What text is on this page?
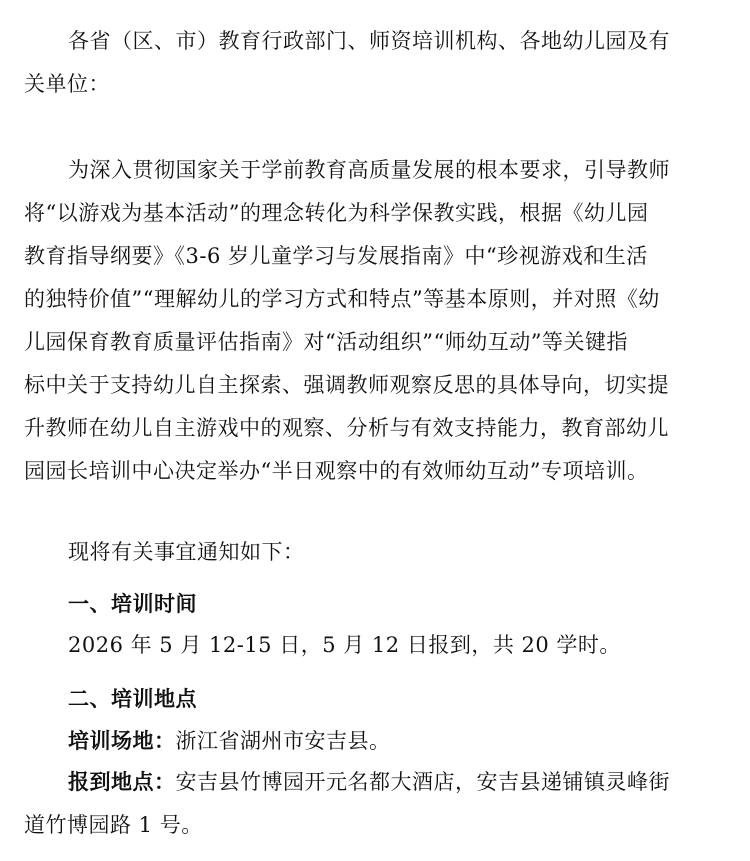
各省（区、市）教育行政部门、师资培训机构、各地幼儿园及有
关单位：
为深入贯彻国家关于学前教育高质量发展的根本要求，引导教师
将“以游戏为基本活动”的理念转化为科学保教实践，根据《幼儿园
教育指导纲要》《3-6 岁儿童学习与发展指南》中“珍视游戏和生活
的独特价值”“理解幼儿的学习方式和特点”等基本原则，并对照《幼
儿园保育教育质量评估指南》对“活动组织”“师幼互动”等关键指
标中关于支持幼儿自主探索、强调教师观察反思的具体导向，切实提
升教师在幼儿自主游戏中的观察、分析与有效支持能力，教育部幼儿
园园长培训中心决定举办“半日观察中的有效师幼互动”专项培训。
现将有关事宜通知如下：
一、培训时间
2026 年 5 月 12-15 日，5 月 12 日报到，共 20 学时。
二、培训地点
培训场地：浙江省湖州市安吉县。
报到地点：安吉县竹博园开元名都大酒店，安吉县递铺镇灵峰街
道竹博园路 1 号。
